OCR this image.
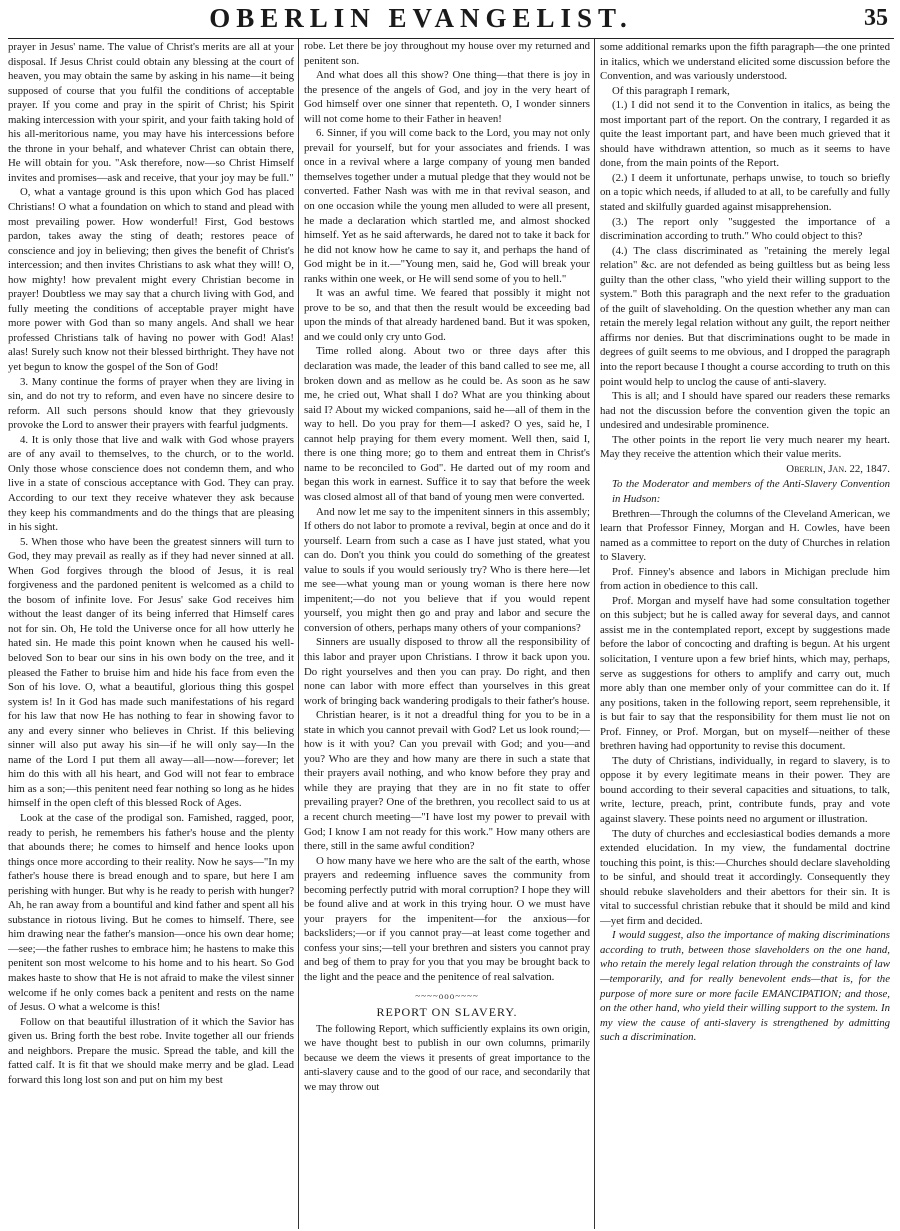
OBERLIN EVANGELIST.	35

prayer in Jesus' name. The value of Christ's merits are all at your disposal. If Jesus Christ could obtain any blessing at the court of heaven, you may obtain the same by asking in his name—it being supposed of course that you fulfil the conditions of acceptable prayer. If you come and pray in the spirit of Christ; his Spirit making intercession with your spirit, and your faith taking hold of his all-meritorious name, you may have his intercessions before the throne in your behalf, and whatever Christ can obtain there, He will obtain for you. "Ask therefore, now—so Christ Himself invites and promises—ask and receive, that your joy may be full."

O, what a vantage ground is this upon which God has placed Christians! O what a foundation on which to stand and plead with most prevailing power. How wonderful! First, God bestows pardon, takes away the sting of death; restores peace of conscience and joy in believing; then gives the benefit of Christ's intercession; and then invites Christians to ask what they will! O, how mighty! how prevalent might every Christian become in prayer! Doubtless we may say that a church living with God, and fully meeting the conditions of acceptable prayer might have more power with God than so many angels. And shall we hear professed Christians talk of having no power with God! Alas! alas! Surely such know not their blessed birthright. They have not yet begun to know the gospel of the Son of God!

3. Many continue the forms of prayer when they are living in sin, and do not try to reform, and even have no sincere desire to reform. All such persons should know that they grievously provoke the Lord to answer their prayers with fearful judgments.

4. It is only those that live and walk with God whose prayers are of any avail to themselves, to the church, or to the world. Only those whose conscience does not condemn them, and who live in a state of conscious acceptance with God. They can pray. According to our text they receive whatever they ask because they keep his commandments and do the things that are pleasing in his sight.

5. When those who have been the greatest sinners will turn to God, they may prevail as really as if they had never sinned at all. When God forgives through the blood of Jesus, it is real forgiveness and the pardoned penitent is welcomed as a child to the bosom of infinite love. For Jesus' sake God receives him without the least danger of its being inferred that Himself cares not for sin. Oh, He told the Universe once for all how utterly he hated sin. He made this point known when he caused his well-beloved Son to bear our sins in his own body on the tree, and it pleased the Father to bruise him and hide his face from even the Son of his love. O, what a beautiful, glorious thing this gospel system is! In it God has made such manifestations of his regard for his law that now He has nothing to fear in showing favor to any and every sinner who believes in Christ. If this believing sinner will also put away his sin—if he will only say—In the name of the Lord I put them all away—all—now—forever; let him do this with all his heart, and God will not fear to embrace him as a son;—this penitent need fear nothing so long as he hides himself in the open cleft of this blessed Rock of Ages.

Look at the case of the prodigal son. Famished, ragged, poor, ready to perish, he remembers his father's house and the plenty that abounds there; he comes to himself and hence looks upon things once more according to their reality. Now he says—"In my father's house there is bread enough and to spare, but here I am perishing with hunger. But why is he ready to perish with hunger? Ah, he ran away from a bountiful and kind father and spent all his substance in riotous living. But he comes to himself. There, see him drawing near the father's mansion—once his own dear home;—see;—the father rushes to embrace him; he hastens to make this penitent son most welcome to his home and to his heart. So God makes haste to show that He is not afraid to make the vilest sinner welcome if he only comes back a penitent and rests on the name of Jesus. O what a welcome is this!

Follow on that beautiful illustration of it which the Savior has given us. Bring forth the best robe. Invite together all our friends and neighbors. Prepare the music. Spread the table, and kill the fatted calf. It is fit that we should make merry and be glad. Lead forward this long lost son and put on him my best

robe. Let there be joy throughout my house over my returned and penitent son.

And what does all this show? One thing—that there is joy in the presence of the angels of God, and joy in the very heart of God himself over one sinner that repenteth. O, I wonder sinners will not come home to their Father in heaven!

6. Sinner, if you will come back to the Lord, you may not only prevail for yourself, but for your associates and friends. I was once in a revival where a large company of young men banded themselves together under a mutual pledge that they would not be converted. Father Nash was with me in that revival season, and on one occasion while the young men alluded to were all present, he made a declaration which startled me, and almost shocked himself. Yet as he said afterwards, he dared not to take it back for he did not know how he came to say it, and perhaps the hand of God might be in it.—"Young men, said he, God will break your ranks within one week, or He will send some of you to hell."

It was an awful time. We feared that possibly it might not prove to be so, and that then the result would be exceeding bad upon the minds of that already hardened band. But it was spoken, and we could only cry unto God.

Time rolled along. About two or three days after this declaration was made, the leader of this band called to see me, all broken down and as mellow as he could be. As soon as he saw me, he cried out, What shall I do? What are you thinking about said I? About my wicked companions, said he—all of them in the way to hell. Do you pray for them—I asked? O yes, said he, I cannot help praying for them every moment. Well then, said I, there is one thing more; go to them and entreat them in Christ's name to be reconciled to God". He darted out of my room and began this work in earnest. Suffice it to say that before the week was closed almost all of that band of young men were converted.

And now let me say to the impenitent sinners in this assembly; If others do not labor to promote a revival, begin at once and do it yourself. Learn from such a case as I have just stated, what you can do. Don't you think you could do something of the greatest value to souls if you would seriously try? Who is there here—let me see—what young man or young woman is there here now impenitent;—do not you believe that if you would repent yourself, you might then go and pray and labor and secure the conversion of others, perhaps many others of your companions?

Sinners are usually disposed to throw all the responsibility of this labor and prayer upon Christians. I throw it back upon you. Do right yourselves and then you can pray. Do right, and then none can labor with more effect than yourselves in this great work of bringing back wandering prodigals to their father's house.

Christian hearer, is it not a dreadful thing for you to be in a state in which you cannot prevail with God? Let us look round;—how is it with you? Can you prevail with God; and you—and you? Who are they and how many are there in such a state that their prayers avail nothing, and who know before they pray and while they are praying that they are in no fit state to offer prevailing prayer? One of the brethren, you recollect said to us at a recent church meeting—"I have lost my power to prevail with God; I know I am not ready for this work." How many others are there, still in the same awful condition?

O how many have we here who are the salt of the earth, whose prayers and redeeming influence saves the community from becoming perfectly putrid with moral corruption? I hope they will be found alive and at work in this trying hour. O we must have your prayers for the impenitent—for the anxious—for backsliders;—or if you cannot pray—at least come together and confess your sins;—tell your brethren and sisters you cannot pray and beg of them to pray for you that you may be brought back to the light and the peace and the penitence of real salvation.

~~~~ooo~~~~
REPORT ON SLAVERY.

The following Report, which sufficiently explains its own origin, we have thought best to publish in our own columns, primarily because we deem the views it presents of great importance to the anti-slavery cause and to the good of our race, and secondarily that we may throw out

some additional remarks upon the fifth paragraph—the one printed in italics, which we understand elicited some discussion before the Convention, and was variously understood.

Of this paragraph I remark,

(1.) I did not send it to the Convention in italics, as being the most important part of the report. On the contrary, I regarded it as quite the least important part, and have been much grieved that it should have withdrawn attention, so much as it seems to have done, from the main points of the Report.

(2.) I deem it unfortunate, perhaps unwise, to touch so briefly on a topic which needs, if alluded to at all, to be carefully and fully stated and skilfully guarded against misapprehension.

(3.) The report only "suggested the importance of a discrimination according to truth." Who could object to this?

(4.) The class discriminated as "retaining the merely legal relation" &c. are not defended as being guiltless but as being less guilty than the other class, "who yield their willing support to the system." Both this paragraph and the next refer to the graduation of the guilt of slaveholding. On the question whether any man can retain the merely legal relation without any guilt, the report neither affirms nor denies. But that discriminations ought to be made in degrees of guilt seems to me obvious, and I dropped the paragraph into the report because I thought a course according to truth on this point would help to unclog the cause of anti-slavery.

This is all; and I should have spared our readers these remarks had not the discussion before the convention given the topic an undesired and undesirable prominence.

The other points in the report lie very much nearer my heart. May they receive the attention which their value merits.

Oberlin, Jan. 22, 1847.

To the Moderator and members of the Anti-Slavery Convention in Hudson:

Brethren—Through the columns of the Cleveland American, we learn that Professor Finney, Morgan and H. Cowles, have been named as a committee to report on the duty of Churches in relation to Slavery.

Prof. Finney's absence and labors in Michigan preclude him from action in obedience to this call.

Prof. Morgan and myself have had some consultation together on this subject; but he is called away for several days, and cannot assist me in the contemplated report, except by suggestions made before the labor of concocting and drafting is begun. At his urgent solicitation, I venture upon a few brief hints, which may, perhaps, serve as suggestions for others to amplify and carry out, much more ably than one member only of your committee can do it. If any positions, taken in the following report, seem reprehensible, it is but fair to say that the responsibility for them must lie not on Prof. Finney, or Prof. Morgan, but on myself—neither of these brethren having had opportunity to revise this document.

The duty of Christians, individually, in regard to slavery, is to oppose it by every legitimate means in their power. They are bound according to their several capacities and situations, to talk, write, lecture, preach, print, contribute funds, pray and vote against slavery. These points need no argument or illustration.

The duty of churches and ecclesiastical bodies demands a more extended elucidation. In my view, the fundamental doctrine touching this point, is this:—Churches should declare slaveholding to be sinful, and should treat it accordingly. Consequently they should rebuke slaveholders and their abettors for their sin. It is vital to successful christian rebuke that it should be mild and kind—yet firm and decided.

I would suggest, also the importance of making discriminations according to truth, between those slaveholders on the one hand, who retain the merely legal relation through the constraints of law—temporarily, and for really benevolent ends—that is, for the purpose of more sure or more facile EMANCIPATION; and those, on the other hand, who yield their willing support to the system. In my view the cause of anti-slavery is strengthened by admitting such a discrimination.
